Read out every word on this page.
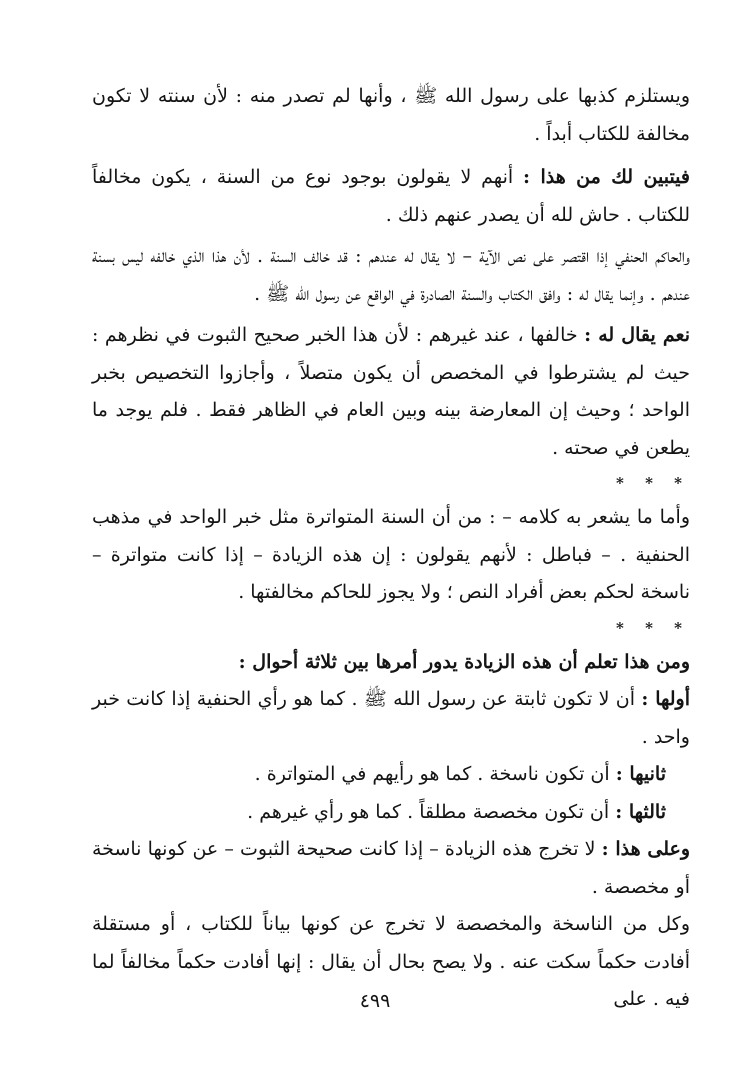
ويستلزم كذبها على رسول الله ﷺ ، وأنها لم تصدر منه : لأن سنته لا تكون مخالفة للكتاب أبداً .

فيتبين لك من هذا : أنهم لا يقولون بوجود نوع من السنة ، يكون مخالفاً للكتاب . حاش لله أن يصدر عنهم ذلك .

والحاكم الحنفي إذا اقتصر على نص الآية – لا يقال له عندهم : قد خالف السنة . لأن هذا الذي خالفه ليس بسنة عندهم . وإنما يقال له : وافق الكتاب والسنة الصادرة في الواقع عن رسول الله ﷺ .

نعم يقال له : خالفها ، عند غيرهم : لأن هذا الخبر صحيح الثبوت في نظرهم : حيث لم يشترطوا في المخصص أن يكون متصلاً ، وأجازوا التخصيص بخبر الواحد ؛ وحيث إن المعارضة بينه وبين العام في الظاهر فقط . فلم يوجد ما يطعن في صحته .

* * *

وأما ما يشعر به كلامه – : من أن السنة المتواترة مثل خبر الواحد في مذهب الحنفية . – فباطل : لأنهم يقولون : إن هذه الزيادة – إذا كانت متواترة – ناسخة لحكم بعض أفراد النص ؛ ولا يجوز للحاكم مخالفتها .

* * *

ومن هذا تعلم أن هذه الزيادة يدور أمرها بين ثلاثة أحوال :

أولها : أن لا تكون ثابتة عن رسول الله ﷺ . كما هو رأي الحنفية إذا كانت خبر واحد .

ثانيها : أن تكون ناسخة . كما هو رأيهم في المتواترة .

ثالثها : أن تكون مخصصة مطلقاً . كما هو رأي غيرهم .

وعلى هذا : لا تخرج هذه الزيادة – إذا كانت صحيحة الثبوت – عن كونها ناسخة أو مخصصة .

وكل من الناسخة والمخصصة لا تخرج عن كونها بياناً للكتاب ، أو مستقلة أفادت حكماً سكت عنه . ولا يصح بحال أن يقال : إنها أفادت حكماً مخالفاً لما فيه . على

٤٩٩
